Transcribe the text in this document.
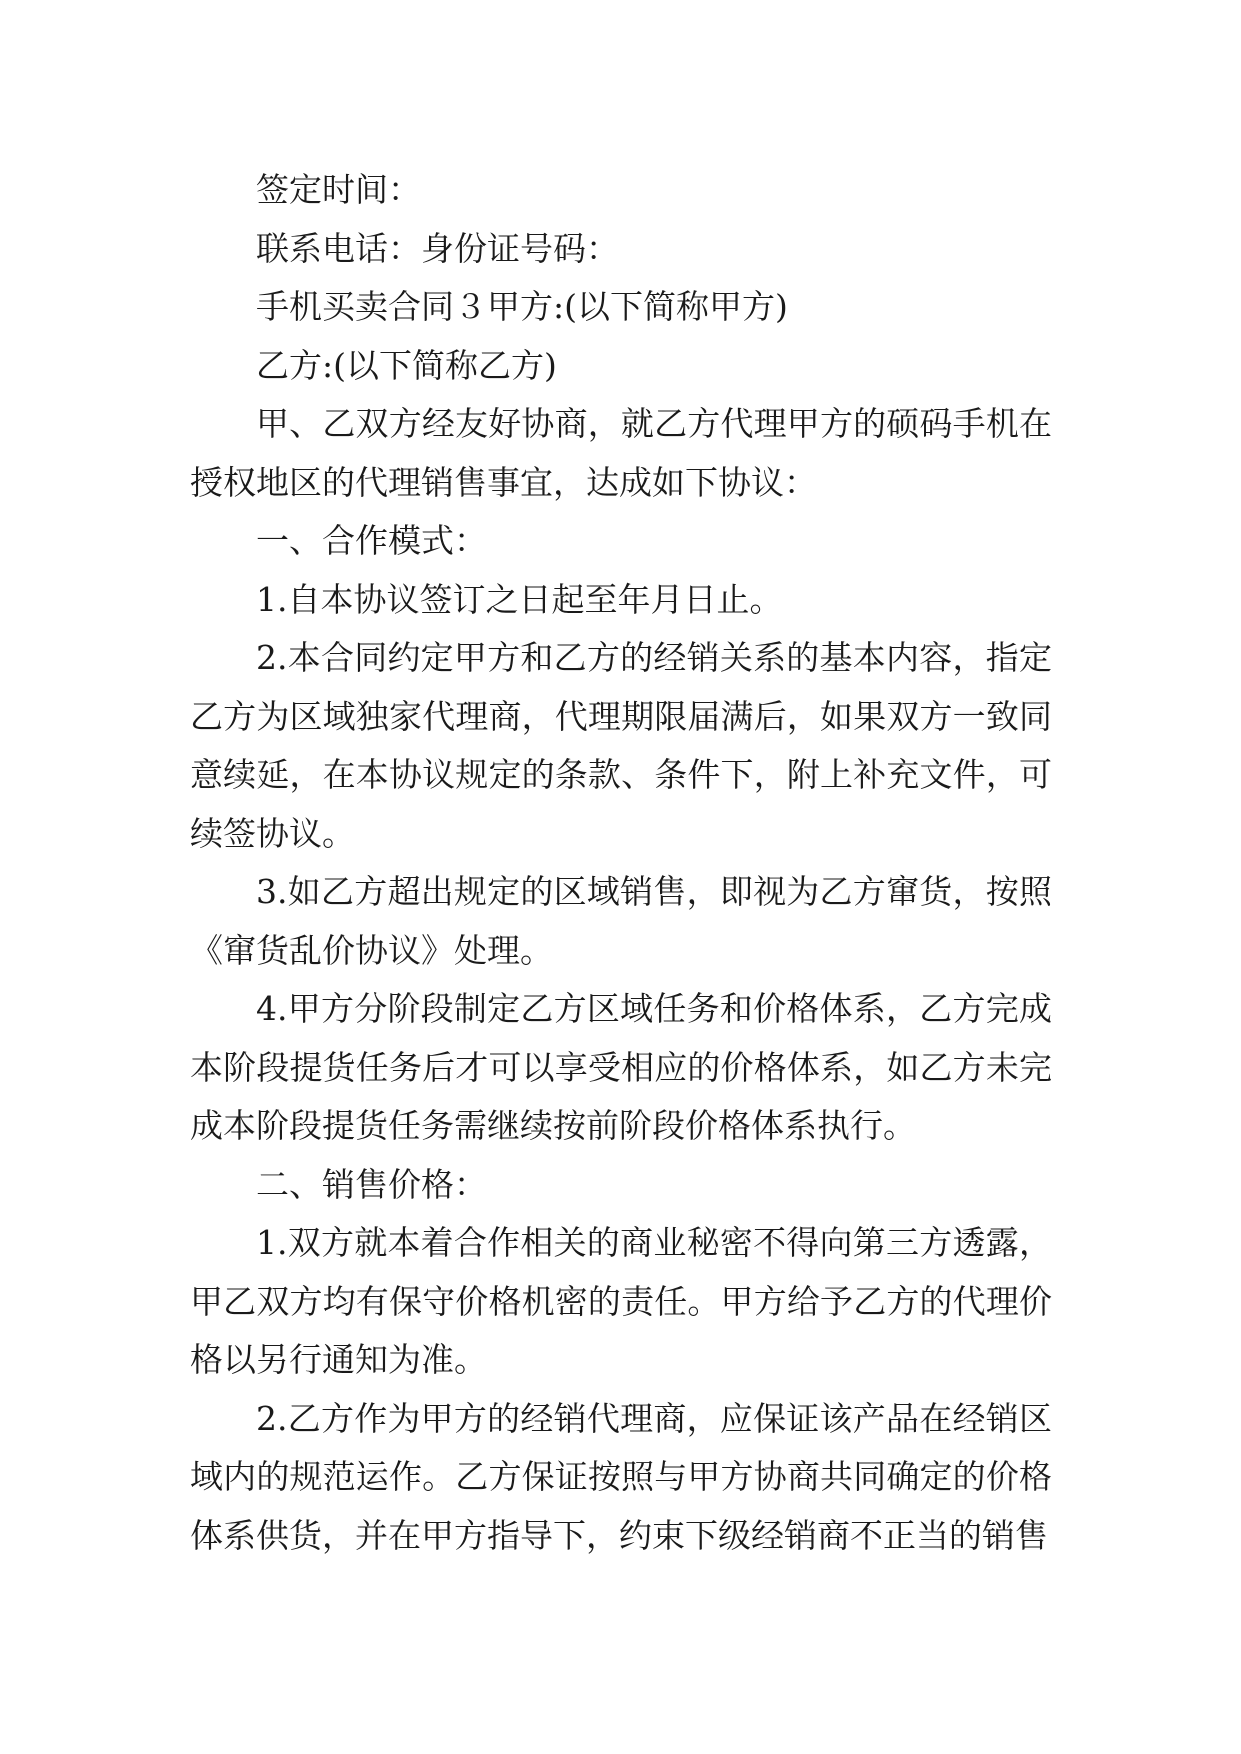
签定时间：

联系电话：身份证号码：

手机买卖合同３甲方:(以下简称甲方)

乙方:(以下简称乙方)

甲、乙双方经友好协商，就乙方代理甲方的硕码手机在授权地区的代理销售事宜，达成如下协议：

一、合作模式：

1.自本协议签订之日起至年月日止。

2.本合同约定甲方和乙方的经销关系的基本内容，指定乙方为区域独家代理商，代理期限届满后，如果双方一致同意续延，在本协议规定的条款、条件下，附上补充文件，可续签协议。

3.如乙方超出规定的区域销售，即视为乙方窜货，按照《窜货乱价协议》处理。

4.甲方分阶段制定乙方区域任务和价格体系，乙方完成本阶段提货任务后才可以享受相应的价格体系，如乙方未完成本阶段提货任务需继续按前阶段价格体系执行。

二、销售价格：

1.双方就本着合作相关的商业秘密不得向第三方透露，甲乙双方均有保守价格机密的责任。甲方给予乙方的代理价格以另行通知为准。

2.乙方作为甲方的经销代理商，应保证该产品在经销区域内的规范运作。乙方保证按照与甲方协商共同确定的价格体系供货，并在甲方指导下，约束下级经销商不正当的销售
